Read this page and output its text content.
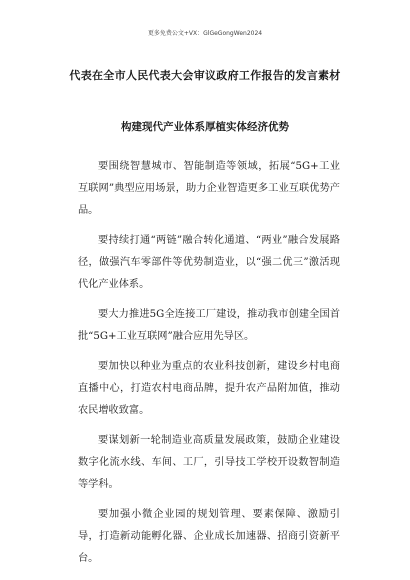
更多免费公文+VX：GlGeGongWen2024
代表在全市人民代表大会审议政府工作报告的发言素材
构建现代产业体系厚植实体经济优势

要围绕智慧城市、智能制造等领域，拓展“5G+工业互联网”典型应用场景，助力企业智造更多工业互联优势产品。

要持续打通“两链”融合转化通道、“两业”融合发展路径，做强汽车零部件等优势制造业，以“强二优三”激活现代化产业体系。

要大力推进5G全连接工厂建设，推动我市创建全国首批“5G+工业互联网”融合应用先导区。

要加快以种业为重点的农业科技创新，建设乡村电商直播中心，打造农村电商品牌，提升农产品附加值，推动农民增收致富。

要谋划新一轮制造业高质量发展政策，鼓励企业建设数字化流水线、车间、工厂，引导技工学校开设数智制造等学科。

要加强小微企业园的规划管理、要素保障、激励引导，打造新动能孵化器、企业成长加速器、招商引资新平台。
